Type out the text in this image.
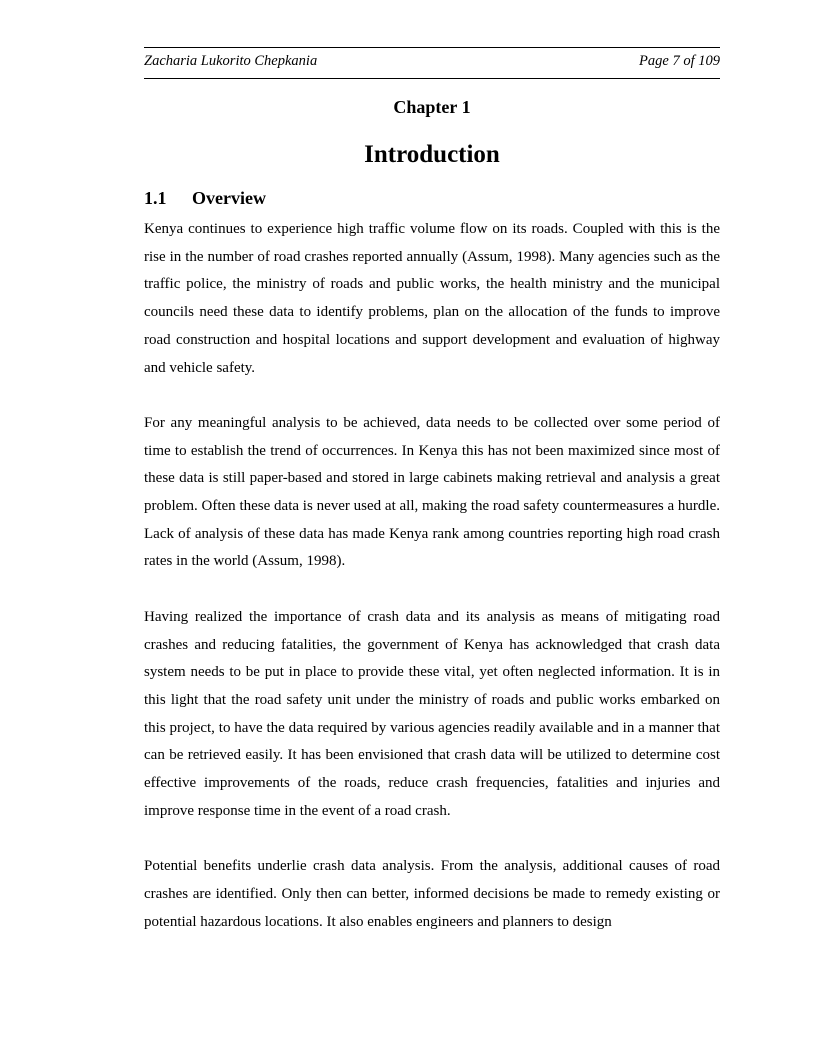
Zacharia Lukorito Chepkania	Page 7 of 109
Chapter 1
Introduction
1.1 Overview

Kenya continues to experience high traffic volume flow on its roads. Coupled with this is the rise in the number of road crashes reported annually (Assum, 1998). Many agencies such as the traffic police, the ministry of roads and public works, the health ministry and the municipal councils need these data to identify problems, plan on the allocation of the funds to improve road construction and hospital locations and support development and evaluation of highway and vehicle safety.

For any meaningful analysis to be achieved, data needs to be collected over some period of time to establish the trend of occurrences. In Kenya this has not been maximized since most of these data is still paper-based and stored in large cabinets making retrieval and analysis a great problem. Often these data is never used at all, making the road safety countermeasures a hurdle. Lack of analysis of these data has made Kenya rank among countries reporting high road crash rates in the world (Assum, 1998).

Having realized the importance of crash data and its analysis as means of mitigating road crashes and reducing fatalities, the government of Kenya has acknowledged that crash data system needs to be put in place to provide these vital, yet often neglected information. It is in this light that the road safety unit under the ministry of roads and public works embarked on this project, to have the data required by various agencies readily available and in a manner that can be retrieved easily. It has been envisioned that crash data will be utilized to determine cost effective improvements of the roads, reduce crash frequencies, fatalities and injuries and improve response time in the event of a road crash.

Potential benefits underlie crash data analysis. From the analysis, additional causes of road crashes are identified. Only then can better, informed decisions be made to remedy existing or potential hazardous locations. It also enables engineers and planners to design
